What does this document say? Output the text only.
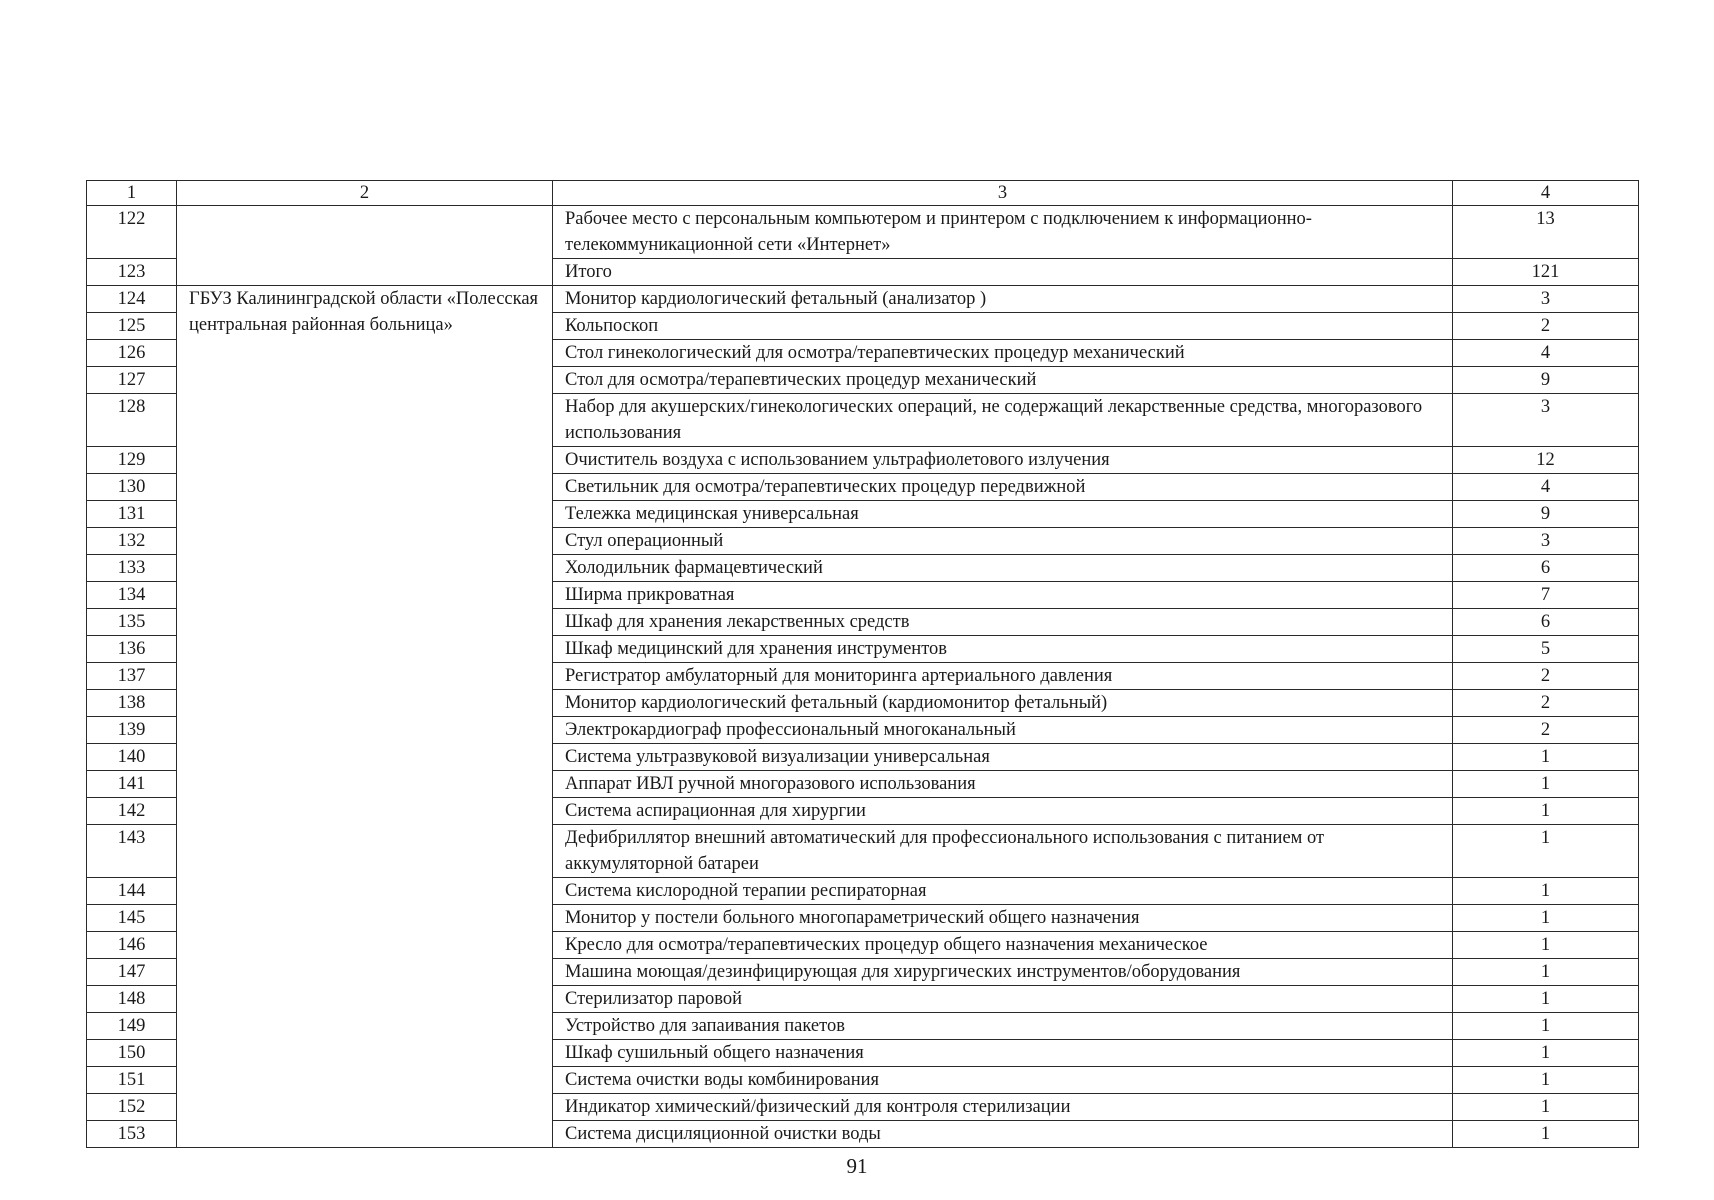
1	2	3	4
122		Рабочее место с персональным компьютером и принтером с подключением к информационно-телекоммуникационной сети «Интернет»	13
123		Итого	121
124	ГБУЗ Калининградской области «Полесская центральная районная больница»	Монитор кардиологический фетальный (анализатор )	3
125		Кольпоскоп	2
126		Стол гинекологический для осмотра/терапевтических процедур механический	4
127		Стол для осмотра/терапевтических процедур механический	9
128		Набор для акушерских/гинекологических операций, не содержащий лекарственные средства, многоразового использования	3
129		Очиститель воздуха с использованием ультрафиолетового излучения	12
130		Светильник для осмотра/терапевтических процедур передвижной	4
131		Тележка медицинская универсальная	9
132		Стул операционный	3
133		Холодильник фармацевтический	6
134		Ширма прикроватная	7
135		Шкаф для хранения лекарственных средств	6
136		Шкаф медицинский для хранения инструментов	5
137		Регистратор амбулаторный для мониторинга артериального давления	2
138		Монитор кардиологический фетальный (кардиомонитор фетальный)	2
139		Электрокардиограф профессиональный многоканальный	2
140		Система ультразвуковой визуализации универсальная	1
141		Аппарат ИВЛ ручной многоразового использования	1
142		Система аспирационная для хирургии	1
143		Дефибриллятор внешний автоматический для профессионального использования с питанием от аккумуляторной батареи	1
144		Система кислородной терапии респираторная	1
145		Монитор у постели больного многопараметрический общего назначения	1
146		Кресло для осмотра/терапевтических процедур общего назначения механическое	1
147		Машина моющая/дезинфицирующая для хирургических инструментов/оборудования	1
148		Стерилизатор паровой	1
149		Устройство для запаивания пакетов	1
150		Шкаф сушильный общего назначения	1
151		Система очистки воды комбинирования	1
152		Индикатор химический/физический для контроля стерилизации	1
153		Система дисциляционной очистки воды	1
91
